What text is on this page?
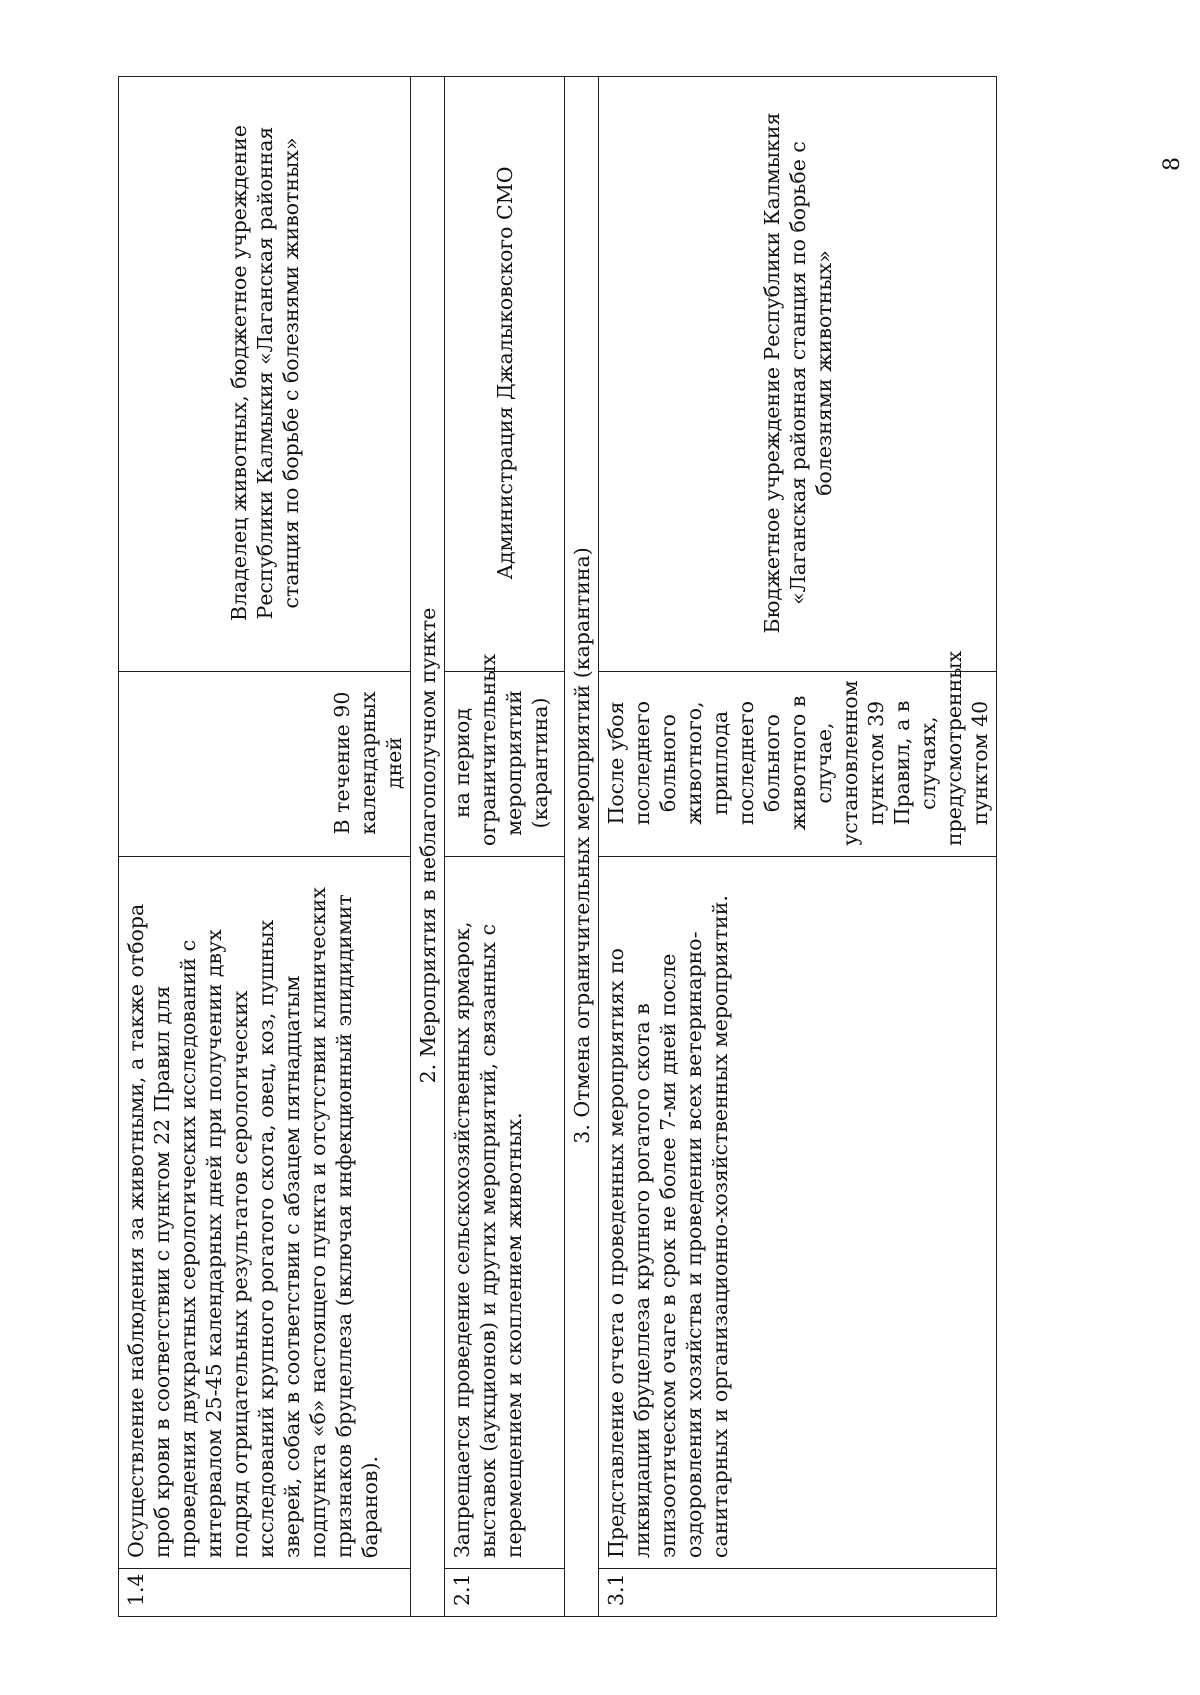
1.4	Осуществление наблюдения за животными, а также отбора проб крови в соответствии с пунктом 22 Правил для проведения двукратных серологических исследований с интервалом 25-45 календарных дней при получении двух подряд отрицательных результатов серологических исследований крупного рогатого скота, овец, коз, пушных зверей, собак в соответствии с абзацем пятнадцатым подпункта «б» настоящего пункта и отсутствии клинических признаков бруцеллеза (включая инфекционный эпидидимит баранов).	В течение 90 календарных дней	Владелец животных, бюджетное учреждение Республики Калмыкия «Лаганская районная станция по борьбе с болезнями животных»
2. Мероприятия в неблагополучном пункте			
2.1	Запрещается проведение сельскохозяйственных ярмарок, выставок (аукционов) и других мероприятий, связанных с перемещением и скоплением животных.	на период ограничительных мероприятий (карантина)	Администрация Джалыковского СМО
3. Отмена ограничительных мероприятий (карантина)			
3.1	Представление отчета о проведенных мероприятиях по ликвидации бруцеллеза крупного рогатого скота в эпизоотическом очаге в срок не более 7-ми дней после оздоровления хозяйства и проведении всех ветеринарно-санитарных и организационно-хозяйственных мероприятий.	После убоя последнего больного животного, приплода последнего больного животного в случае, установленном пунктом 39 Правил, а в случаях, предусмотренных пунктом 40	Бюджетное учреждение Республики Калмыкия «Лаганская районная станция по борьбе с болезнями животных»
8
